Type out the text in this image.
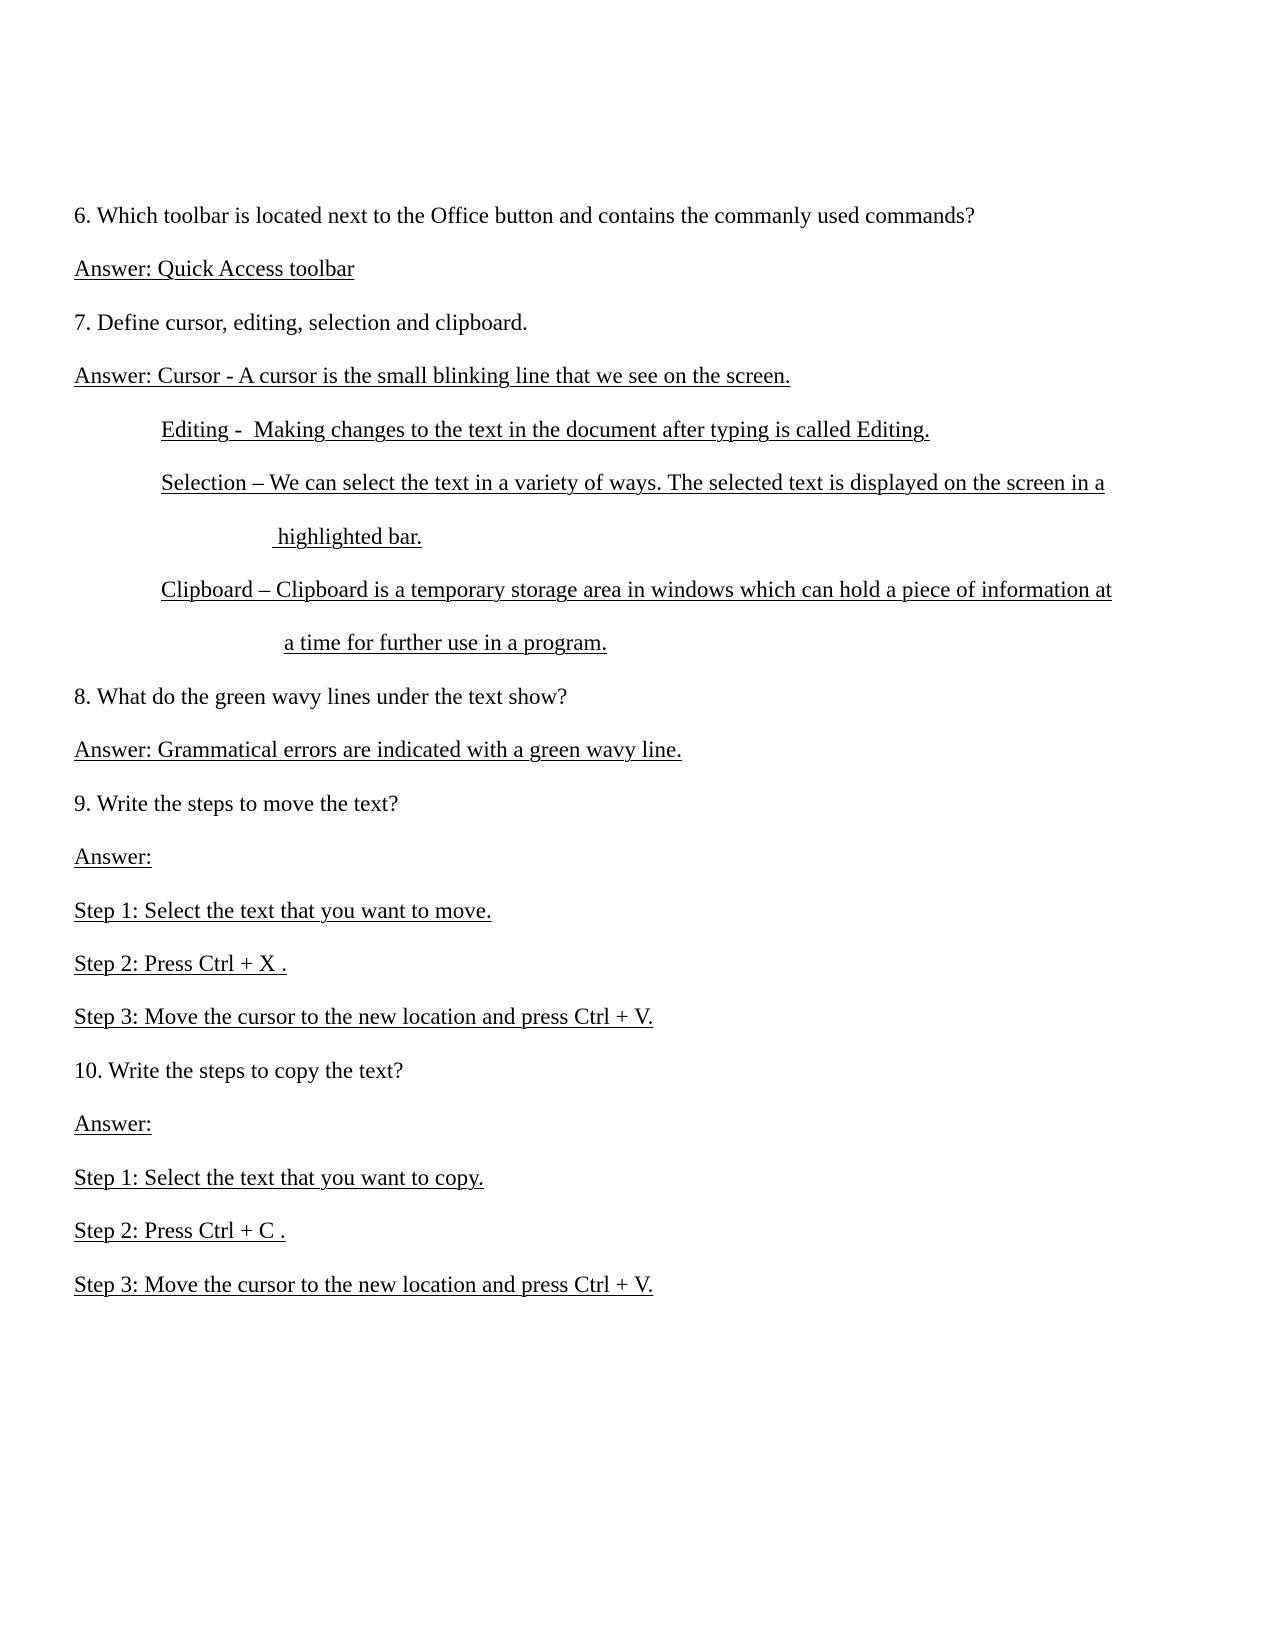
6. Which toolbar is located next to the Office button and contains the commanly used commands?
Answer: Quick Access toolbar
7. Define cursor, editing, selection and clipboard.
Answer: Cursor - A cursor is the small blinking line that we see on the screen.
Editing -  Making changes to the text in the document after typing is called Editing.
Selection – We can select the text in a variety of ways. The selected text is displayed on the screen in a
highlighted bar.
Clipboard – Clipboard is a temporary storage area in windows which can hold a piece of information at
a time for further use in a program.
8. What do the green wavy lines under the text show?
Answer: Grammatical errors are indicated with a green wavy line.
9. Write the steps to move the text?
Answer:
Step 1: Select the text that you want to move.
Step 2: Press Ctrl + X .
Step 3: Move the cursor to the new location and press Ctrl + V.
10. Write the steps to copy the text?
Answer:
Step 1: Select the text that you want to copy.
Step 2: Press Ctrl + C .
Step 3: Move the cursor to the new location and press Ctrl + V.
